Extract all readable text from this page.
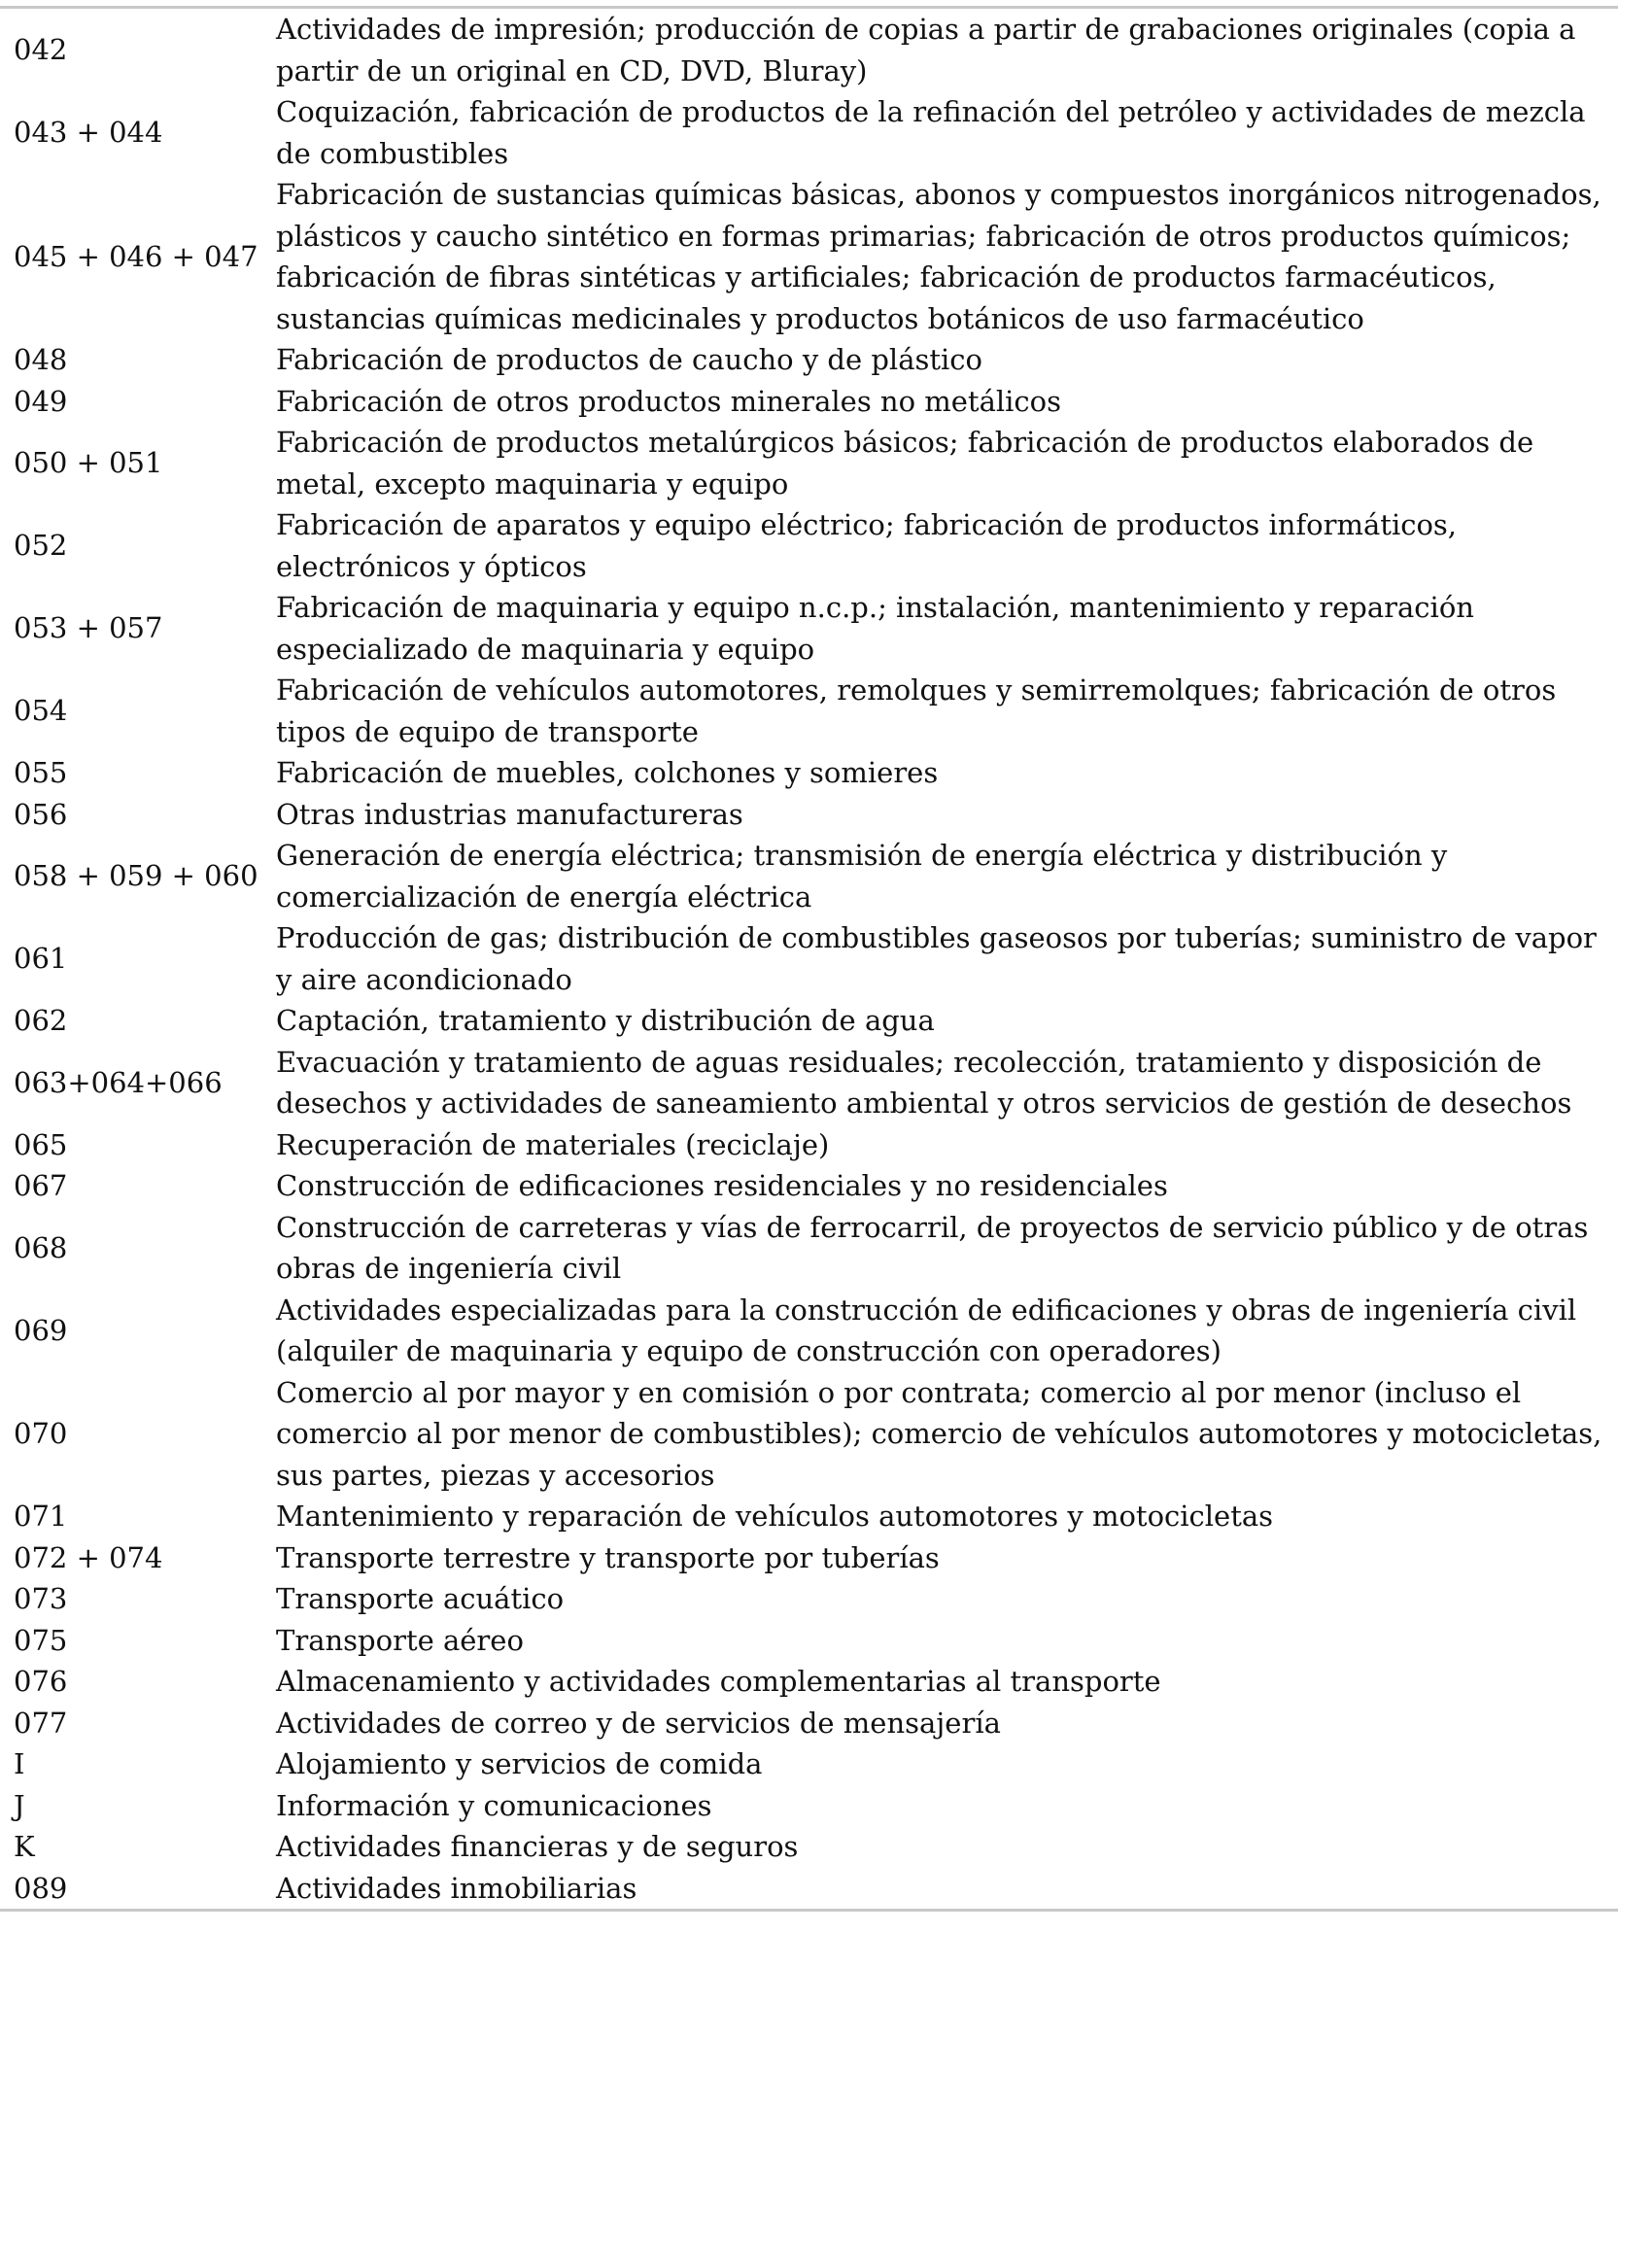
042	Actividades de impresión; producción de copias a partir de grabaciones originales (copia a partir de un original en CD, DVD, Bluray)
043 + 044	Coquización, fabricación de productos de la refinación del petróleo y actividades de mezcla de combustibles
045 + 046 + 047	Fabricación de sustancias químicas básicas, abonos y compuestos inorgánicos nitrogenados, plásticos y caucho sintético en formas primarias; fabricación de otros productos químicos; fabricación de fibras sintéticas y artificiales; fabricación de productos farmacéuticos, sustancias químicas medicinales y productos botánicos de uso farmacéutico
048	Fabricación de productos de caucho y de plástico
049	Fabricación de otros productos minerales no metálicos
050 + 051	Fabricación de productos metalúrgicos básicos; fabricación de productos elaborados de metal, excepto maquinaria y equipo
052	Fabricación de aparatos y equipo eléctrico; fabricación de productos informáticos, electrónicos y ópticos
053 + 057	Fabricación de maquinaria y equipo n.c.p.; instalación, mantenimiento y reparación especializado de maquinaria y equipo
054	Fabricación de vehículos automotores, remolques y semirremolques; fabricación de otros tipos de equipo de transporte
055	Fabricación de muebles, colchones y somieres
056	Otras industrias manufactureras
058 + 059 + 060	Generación de energía eléctrica; transmisión de energía eléctrica y distribución y comercialización de energía eléctrica
061	Producción de gas; distribución de combustibles gaseosos por tuberías; suministro de vapor y aire acondicionado
062	Captación, tratamiento y distribución de agua
063+064+066	Evacuación y tratamiento de aguas residuales; recolección, tratamiento y disposición de desechos y actividades de saneamiento ambiental y otros servicios de gestión de desechos
065	Recuperación de materiales (reciclaje)
067	Construcción de edificaciones residenciales y no residenciales
068	Construcción de carreteras y vías de ferrocarril, de proyectos de servicio público y de otras obras de ingeniería civil
069	Actividades especializadas para la construcción de edificaciones y obras de ingeniería civil (alquiler de maquinaria y equipo de construcción con operadores)
070	Comercio al por mayor y en comisión o por contrata; comercio al por menor (incluso el comercio al por menor de combustibles); comercio de vehículos automotores y motocicletas, sus partes, piezas y accesorios
071	Mantenimiento y reparación de vehículos automotores y motocicletas
072 + 074	Transporte terrestre y transporte por tuberías
073	Transporte acuático
075	Transporte aéreo
076	Almacenamiento y actividades complementarias al transporte
077	Actividades de correo y de servicios de mensajería
I	Alojamiento y servicios de comida
J	Información y comunicaciones
K	Actividades financieras y de seguros
089	Actividades inmobiliarias
